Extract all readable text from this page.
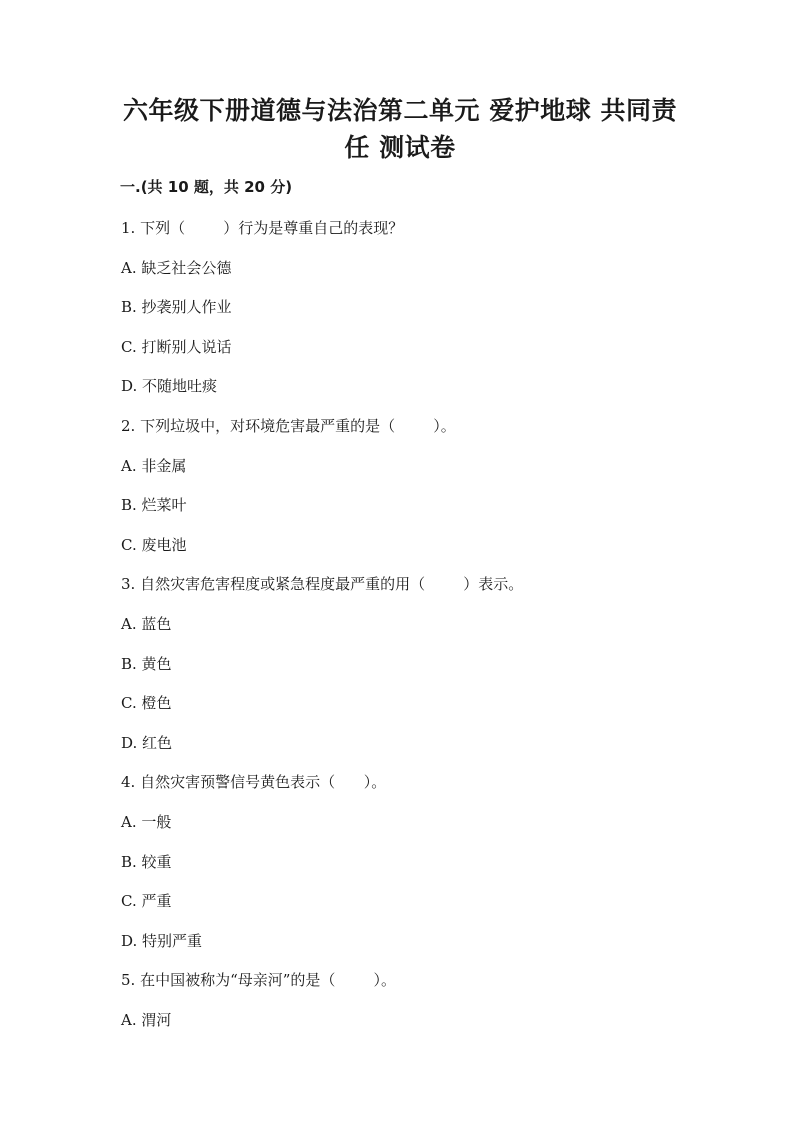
六年级下册道德与法治第二单元 爱护地球 共同责
任 测试卷
一.(共 10 题，共 20 分)
1. 下列（        ）行为是尊重自己的表现？
A. 缺乏社会公德
B. 抄袭别人作业
C. 打断别人说话
D. 不随地吐痰
2. 下列垃圾中，对环境危害最严重的是（        ）。
A. 非金属
B. 烂菜叶
C. 废电池
3. 自然灾害危害程度或紧急程度最严重的用（        ）表示。
A. 蓝色
B. 黄色
C. 橙色
D. 红色
4. 自然灾害预警信号黄色表示（      ）。
A. 一般
B. 较重
C. 严重
D. 特别严重
5. 在中国被称为“母亲河”的是（        ）。
A. 渭河
